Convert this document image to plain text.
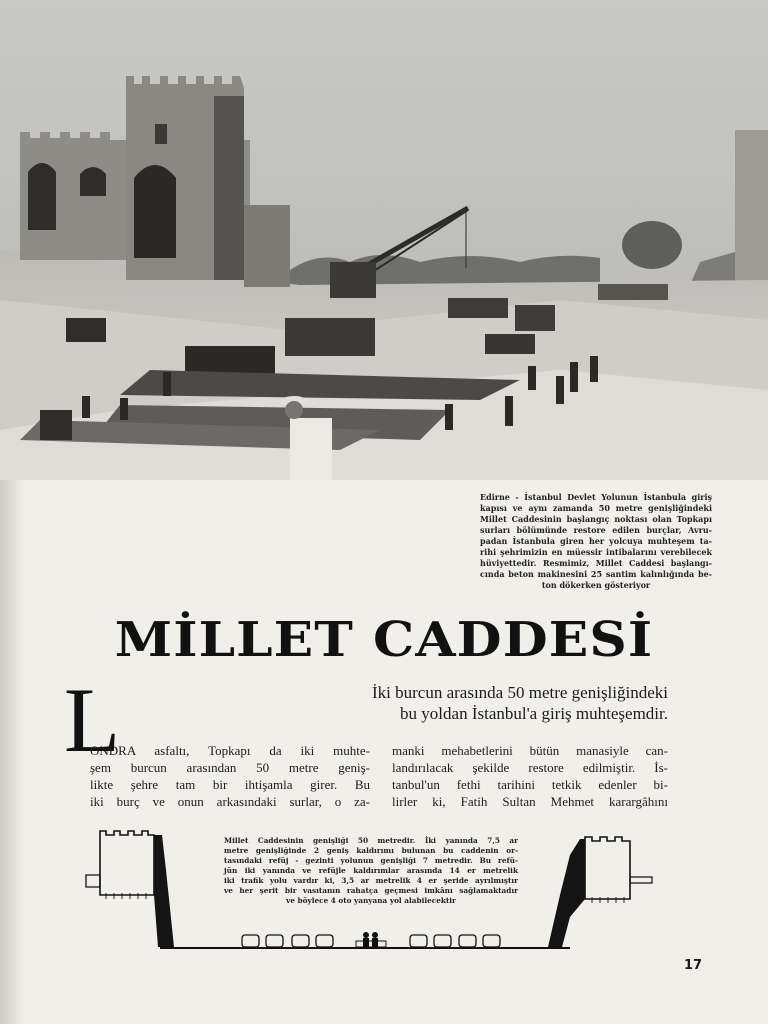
Edirne - İstanbul Devlet Yolunun İstanbula giriş
kapısı ve aynı zamanda 50 metre genişliğindeki
Millet Caddesinin başlangıç noktası olan Topkapı
surları bölümünde restore edilen burçlar, Avru-
padan İstanbula giren her yolcuya muhteşem ta-
rihi şehrimizin en müessir intibalarını verebilecek
hüviyettedir. Resmimiz, Millet Caddesi başlangı-
cında beton makinesini 25 santim kalınlığında be-
ton dökerken gösteriyor
MİLLET CADDESİ
İki burcun arasında 50 metre genişliğindeki
bu yoldan İstanbul'a giriş muhteşemdir.
L
ONDRA asfaltı, Topkapı da iki muhte-
şem burcun arasından 50 metre geniş-
likte şehre tam bir ihtişamla girer. Bu
iki burç ve onun arkasındaki surlar, o za-
manki mehabetlerini bütün manasiyle can-
landırılacak şekilde restore edilmiştir. İs-
tanbul'un fethi tarihini tetkik edenler bi-
lirler ki, Fatih Sultan Mehmet karargâhını
Millet Caddesinin genişliği 50 metredir. İki yanında 7,5 ar
metre genişliğinde 2 geniş kaldırımı bulunan bu caddenin or-
tasındaki refüj - gezinti yolunun genişliği 7 metredir. Bu refü-
jün iki yanında ve refüjle kaldırımlar arasında 14 er metrelik
iki trafik yolu vardır ki, 3,5 ar metrelik 4 er şeride ayrılmıştır
ve her şerit bir vasıtanın rahatça geçmesi imkânı sağlamaktadır
ve böylece 4 oto yanyana yol alabilecektir
17
